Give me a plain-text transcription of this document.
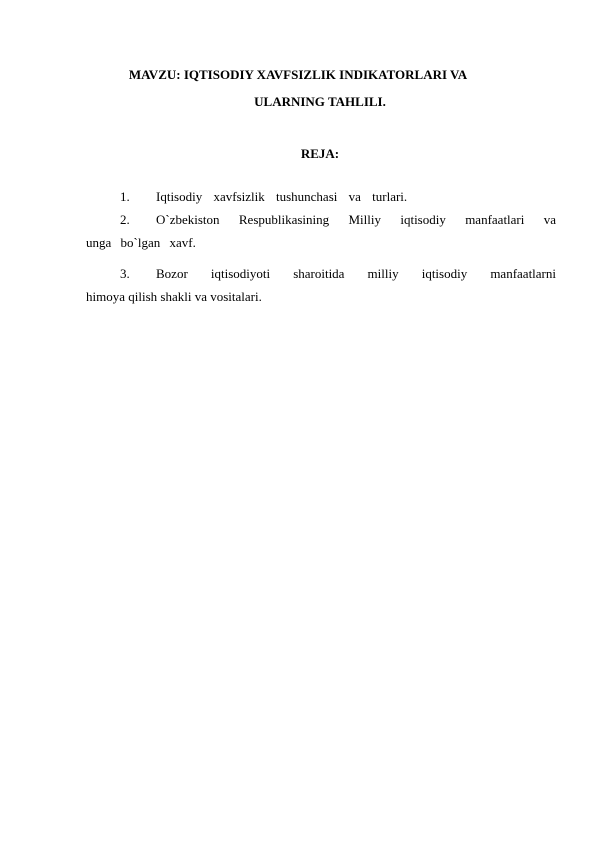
MAVZU: IQTISODIY XAVFSIZLIK INDIKATORLARI VA
ULARNING TAHLILI.
REJA:
1.	Iqtisodiy xavfsizlik tushunchasi va turlari.
2.	O`zbekiston Respublikasining Milliy iqtisodiy manfaatlari va
unga bo`lgan xavf.
3.	Bozor iqtisodiyoti sharoitida milliy iqtisodiy manfaatlarni
himoya qilish shakli va vositalari.
